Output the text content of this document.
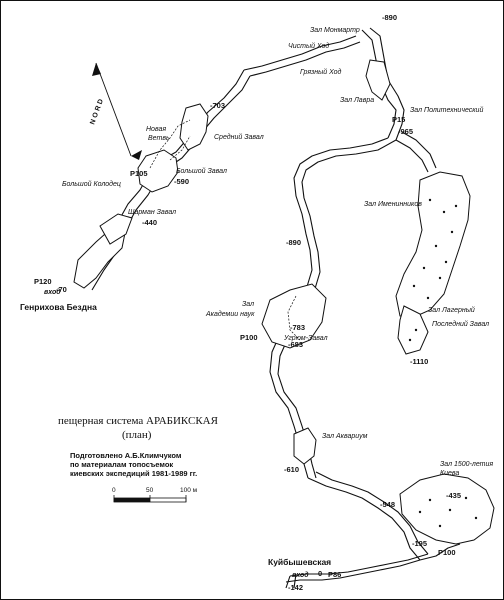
NORD
Зал Монмартр
Чистый Ход
Грязный Ход
Зал Лавра
Зал Политехнический
Новая
Ветвь	Средний Завал
Большой Завал
Большой Колодец
Шарман Завал
Зал Именинников
Зал Лагерный
Последний Завал
Зал
Академии наук
Угрюм-Завал
Зал Аквариум
Зал 1500-летия
Киева
-890
-703
-965
-590
-440
-70
-890
-783
-683
-1110
-610
-548
-435
-195
-142
0
P15
P105
P120
P100
P100
P86
вход
Генрихова Бездна
Куйбышевская
вход
пещерная система АРАБИКСКАЯ
(план)
Подготовлено А.Б.Климчуком
по материалам топосъемок
киевских экспедиций 1981-1989 гг.
0	50	100 м
